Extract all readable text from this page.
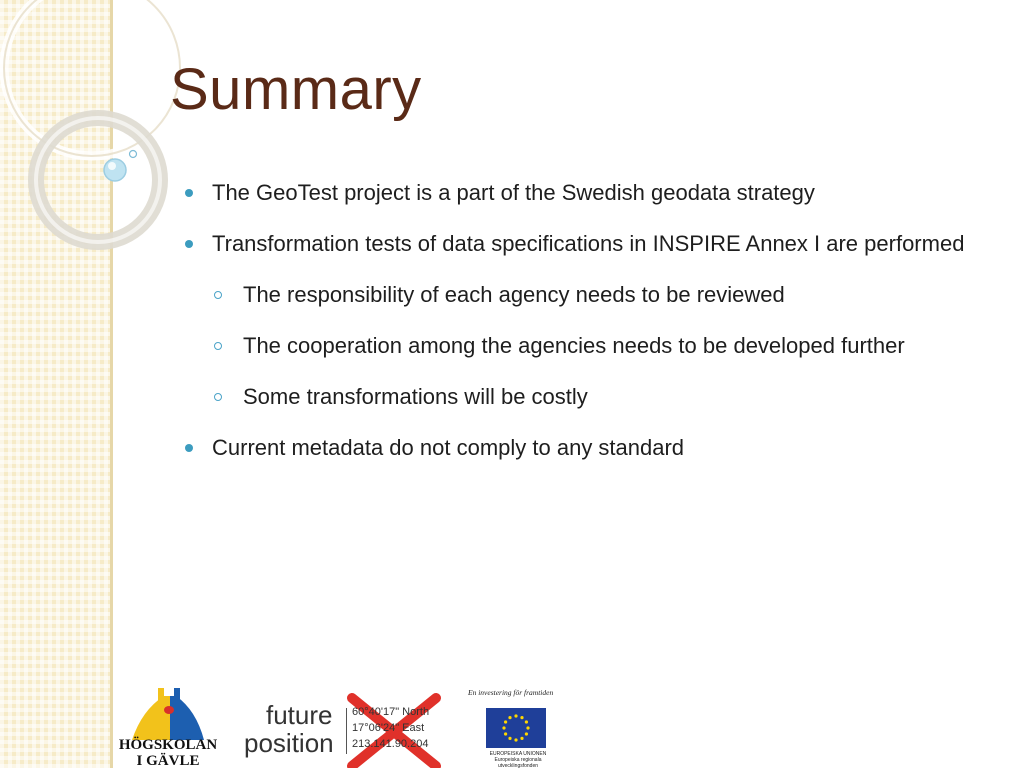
Summary
The GeoTest project is a part of the Swedish geodata strategy
Transformation tests of data specifications in INSPIRE Annex I are performed
The responsibility of each agency needs to be reviewed
The cooperation among the agencies needs to be developed further
Some transformations will be costly
Current metadata do not comply to any standard
HÖGSKOLAN
I GÄVLE
future
position
60°40'17" North
17°06'24" East
213.141.90.204
En investering för framtiden
EUROPEISKA UNIONEN
Europeiska regionala
utvecklingsfonden
